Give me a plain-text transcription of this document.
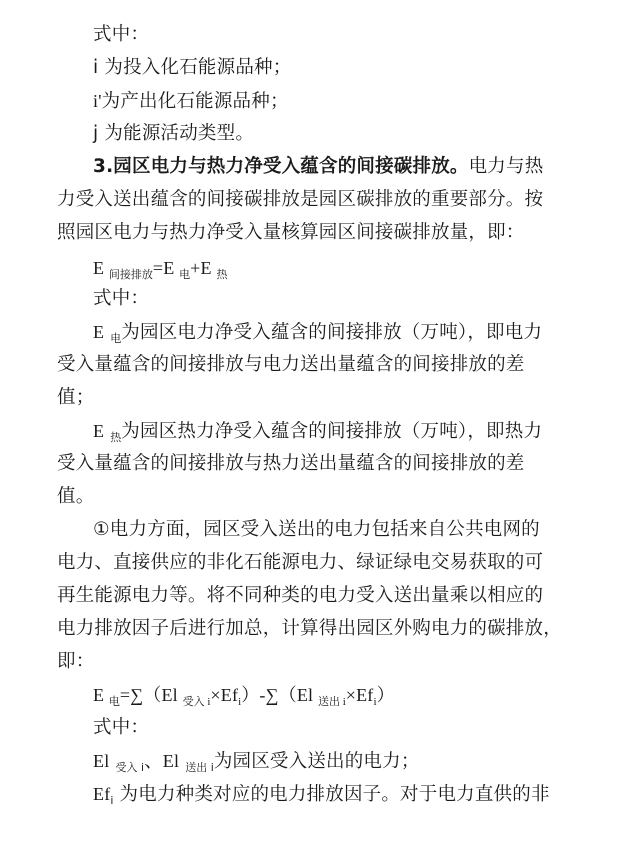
式中：
i 为投入化石能源品种；
i'为产出化石能源品种；
j 为能源活动类型。
3.园区电力与热力净受入蕴含的间接碳排放。电力与热
力受入送出蕴含的间接碳排放是园区碳排放的重要部分。按
照园区电力与热力净受入量核算园区间接碳排放量，即：
E $_{间接排放}$=E $_电$+E $_热$
式中：
E $_电$为园区电力净受入蕴含的间接排放（万吨），即电力
受入量蕴含的间接排放与电力送出量蕴含的间接排放的差
值；
E $_热$为园区热力净受入蕴含的间接排放（万吨），即热力
受入量蕴含的间接排放与热力送出量蕴含的间接排放的差
值。
①电力方面，园区受入送出的电力包括来自公共电网的
电力、直接供应的非化石能源电力、绿证绿电交易获取的可
再生能源电力等。将不同种类的电力受入送出量乘以相应的
电力排放因子后进行加总，计算得出园区外购电力的碳排放，
即：
E $_电$=∑（El $_{受入 i}\times Ef_i)-\sum(El$ $_{送出 i}\times Ef_i$）
式中：
El $_{受入 i}$、El $_{送出 i}$为园区受入送出的电力；
$Ef_i$ 为电力种类对应的电力排放因子。对于电力直供的非
